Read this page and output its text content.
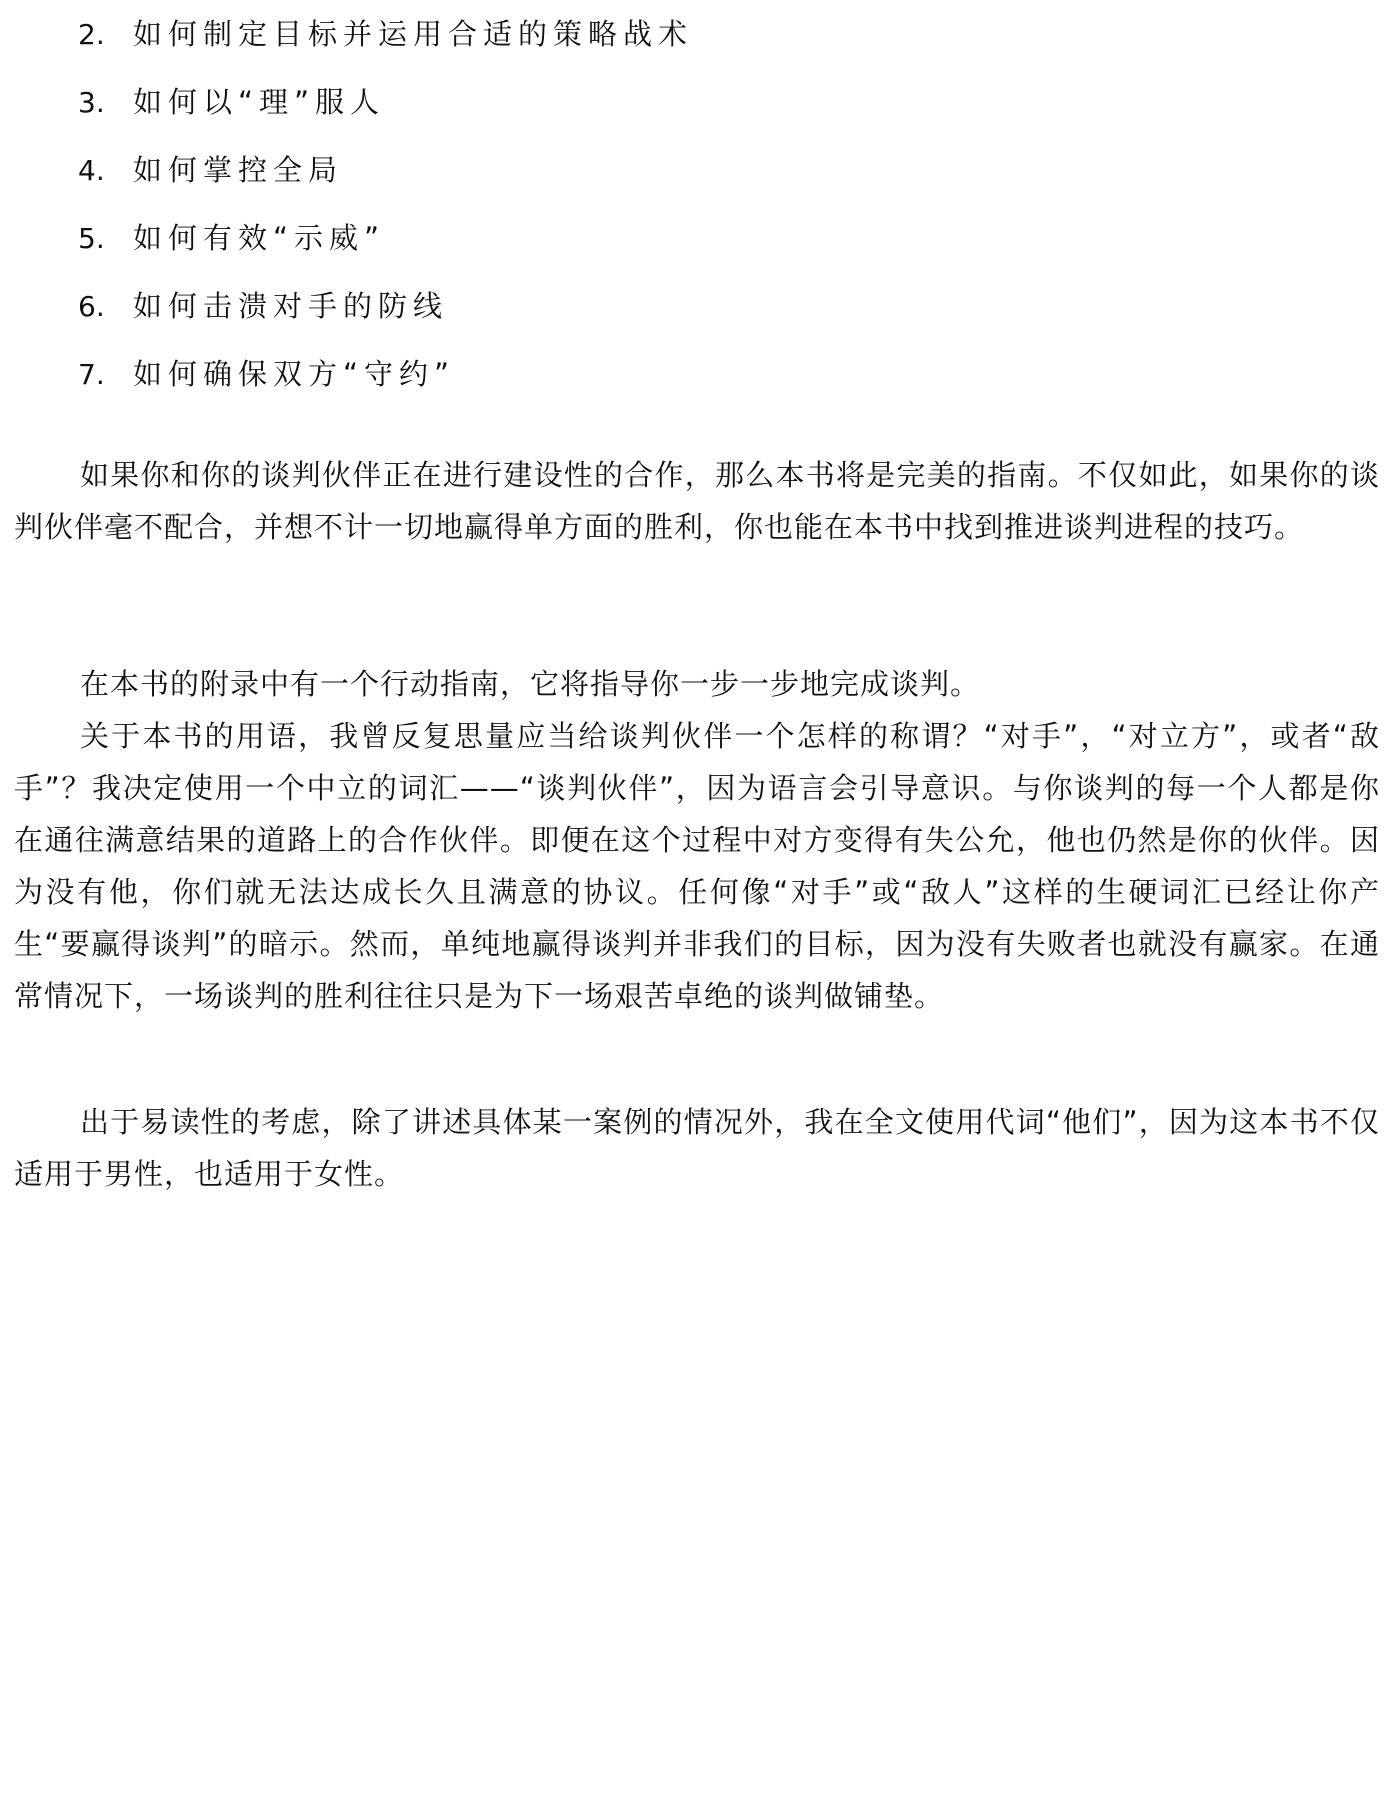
2. 如何制定目标并运用合适的策略战术
3. 如何以“理”服人
4. 如何掌控全局
5. 如何有效“示威”
6. 如何击溃对手的防线
7. 如何确保双方“守约”

如果你和你的谈判伙伴正在进行建设性的合作，那么本书将是完美的指南。不仅如此，如果你的谈判伙伴毫不配合，并想不计一切地赢得单方面的胜利，你也能在本书中找到推进谈判进程的技巧。

在本书的附录中有一个行动指南，它将指导你一步一步地完成谈判。

关于本书的用语，我曾反复思量应当给谈判伙伴一个怎样的称谓？“对手”，“对立方”，或者“敌手”？我决定使用一个中立的词汇——“谈判伙伴”，因为语言会引导意识。与你谈判的每一个人都是你在通往满意结果的道路上的合作伙伴。即便在这个过程中对方变得有失公允，他也仍然是你的伙伴。因为没有他，你们就无法达成长久且满意的协议。任何像“对手”或“敌人”这样的生硬词汇已经让你产生“要赢得谈判”的暗示。然而，单纯地赢得谈判并非我们的目标，因为没有失败者也就没有赢家。在通常情况下，一场谈判的胜利往往只是为下一场艰苦卓绝的谈判做铺垫。

出于易读性的考虑，除了讲述具体某一案例的情况外，我在全文使用代词“他们”，因为这本书不仅适用于男性，也适用于女性。
